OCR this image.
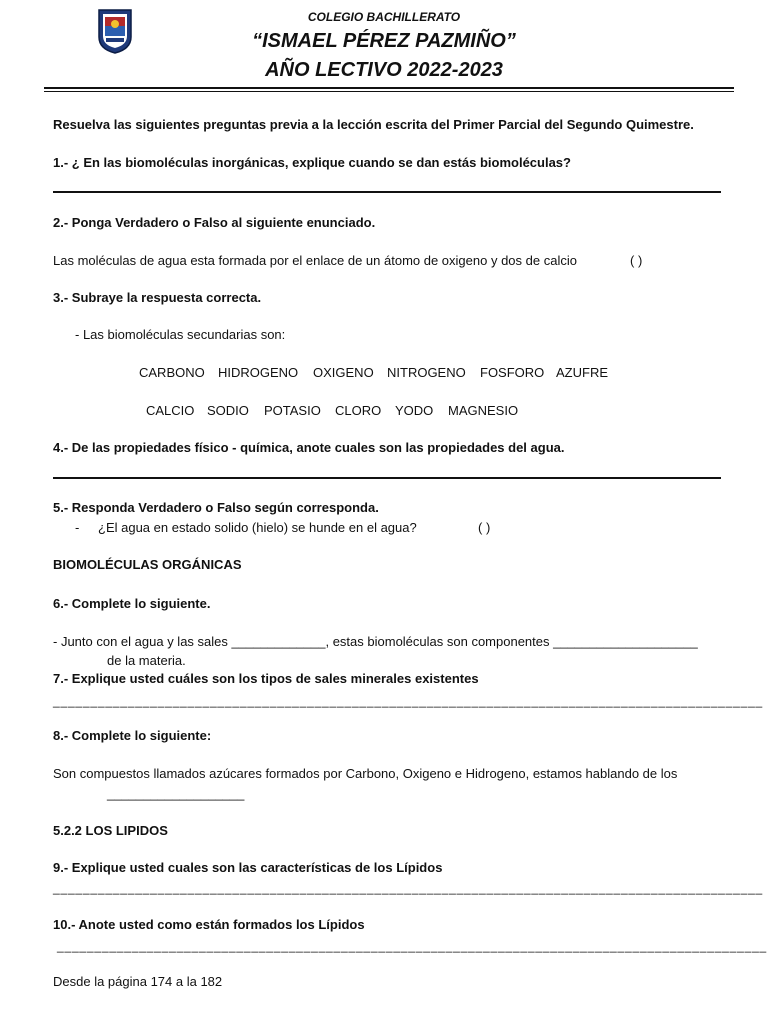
COLEGIO BACHILLERATO
“ISMAEL PÉREZ PAZMIÑO”
AÑO LECTIVO 2022-2023
Resuelva las siguientes preguntas previa a la lección escrita del Primer Parcial del Segundo Quimestre.
1.- ¿ En las biomoléculas inorgánicas, explique cuando se dan estás biomoléculas?
2.- Ponga Verdadero o Falso al siguiente enunciado.
Las moléculas de agua esta formada por el enlace de un átomo de oxigeno y dos de calcio	( )
3.- Subraye la respuesta correcta.
- Las biomoléculas secundarias son:
CARBONO HIDROGENO OXIGENO NITROGENO FOSFORO AZUFRE
CALCIO SODIO POTASIO CLORO YODO MAGNESIO
4.- De las propiedades físico - química, anote cuales son las propiedades del agua.
5.- Responda Verdadero o Falso según corresponda.
- ¿El agua en estado solido (hielo) se hunde en el agua?	( )
BIOMOLÉCULAS ORGÁNICAS
6.- Complete lo siguiente.
- Junto con el agua y las sales _____________, estas biomoléculas son componentes ____________________
de la materia.
7.- Explique usted cuáles son los tipos de sales minerales existentes
_______________________________________________________________________________________________
8.- Complete lo siguiente:
Son compuestos llamados azúcares formados por Carbono, Oxigeno e Hidrogeno, estamos hablando de los
___________________
5.2.2 LOS LIPIDOS
9.- Explique usted cuales son las características de los Lípidos
_______________________________________________________________________________________________
10.- Anote usted como están formados los Lípidos
_______________________________________________________________________________________________
Desde la página 174 a la 182
